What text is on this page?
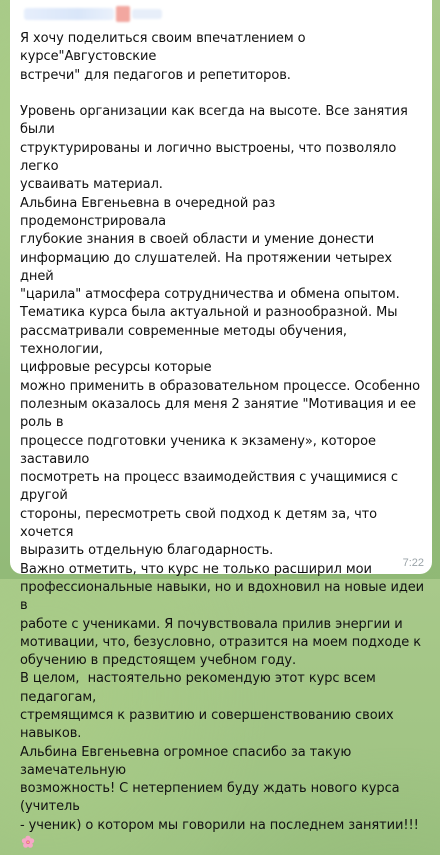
Я хочу поделиться своим впечатлением о курсе"Августовские
встречи" для педагогов и репетиторов.

Уровень организации как всегда на высоте. Все занятия были
структурированы и логично выстроены, что позволяло легко
усваивать материал.
Альбина Евгеньевна в очередной раз продемонстрировала
глубокие знания в своей области и умение донести
информацию до слушателей. На протяжении четырех дней
"царила" атмосфера сотрудничества и обмена опытом.
Тематика курса была актуальной и разнообразной. Мы
рассматривали современные методы обучения, технологии,
цифровые ресурсы которые
можно применить в образовательном процессе. Особенно
полезным оказалось для меня 2 занятие "Мотивация и ее роль в
процессе подготовки ученика к экзамену», которое заставило
посмотреть на процесс взаимодействия с учащимися с другой
стороны, пересмотреть свой подход к детям за, что хочется
выразить отдельную благодарность.
Важно отметить, что курс не только расширил мои
профессиональные навыки, но и вдохновил на новые идеи в
работе с учениками. Я почувствовала прилив энергии и
мотивации, что, безусловно, отразится на моем подходе к
обучению в предстоящем учебном году.
В целом,  настоятельно рекомендую этот курс всем педагогам,
стремящимся к развитию и совершенствованию своих навыков.
Альбина Евгеньевна огромное спасибо за такую замечательную
возможность! С нетерпением буду ждать нового курса (учитель
- ученик) о котором мы говорили на последнем занятии!!!
7:22
